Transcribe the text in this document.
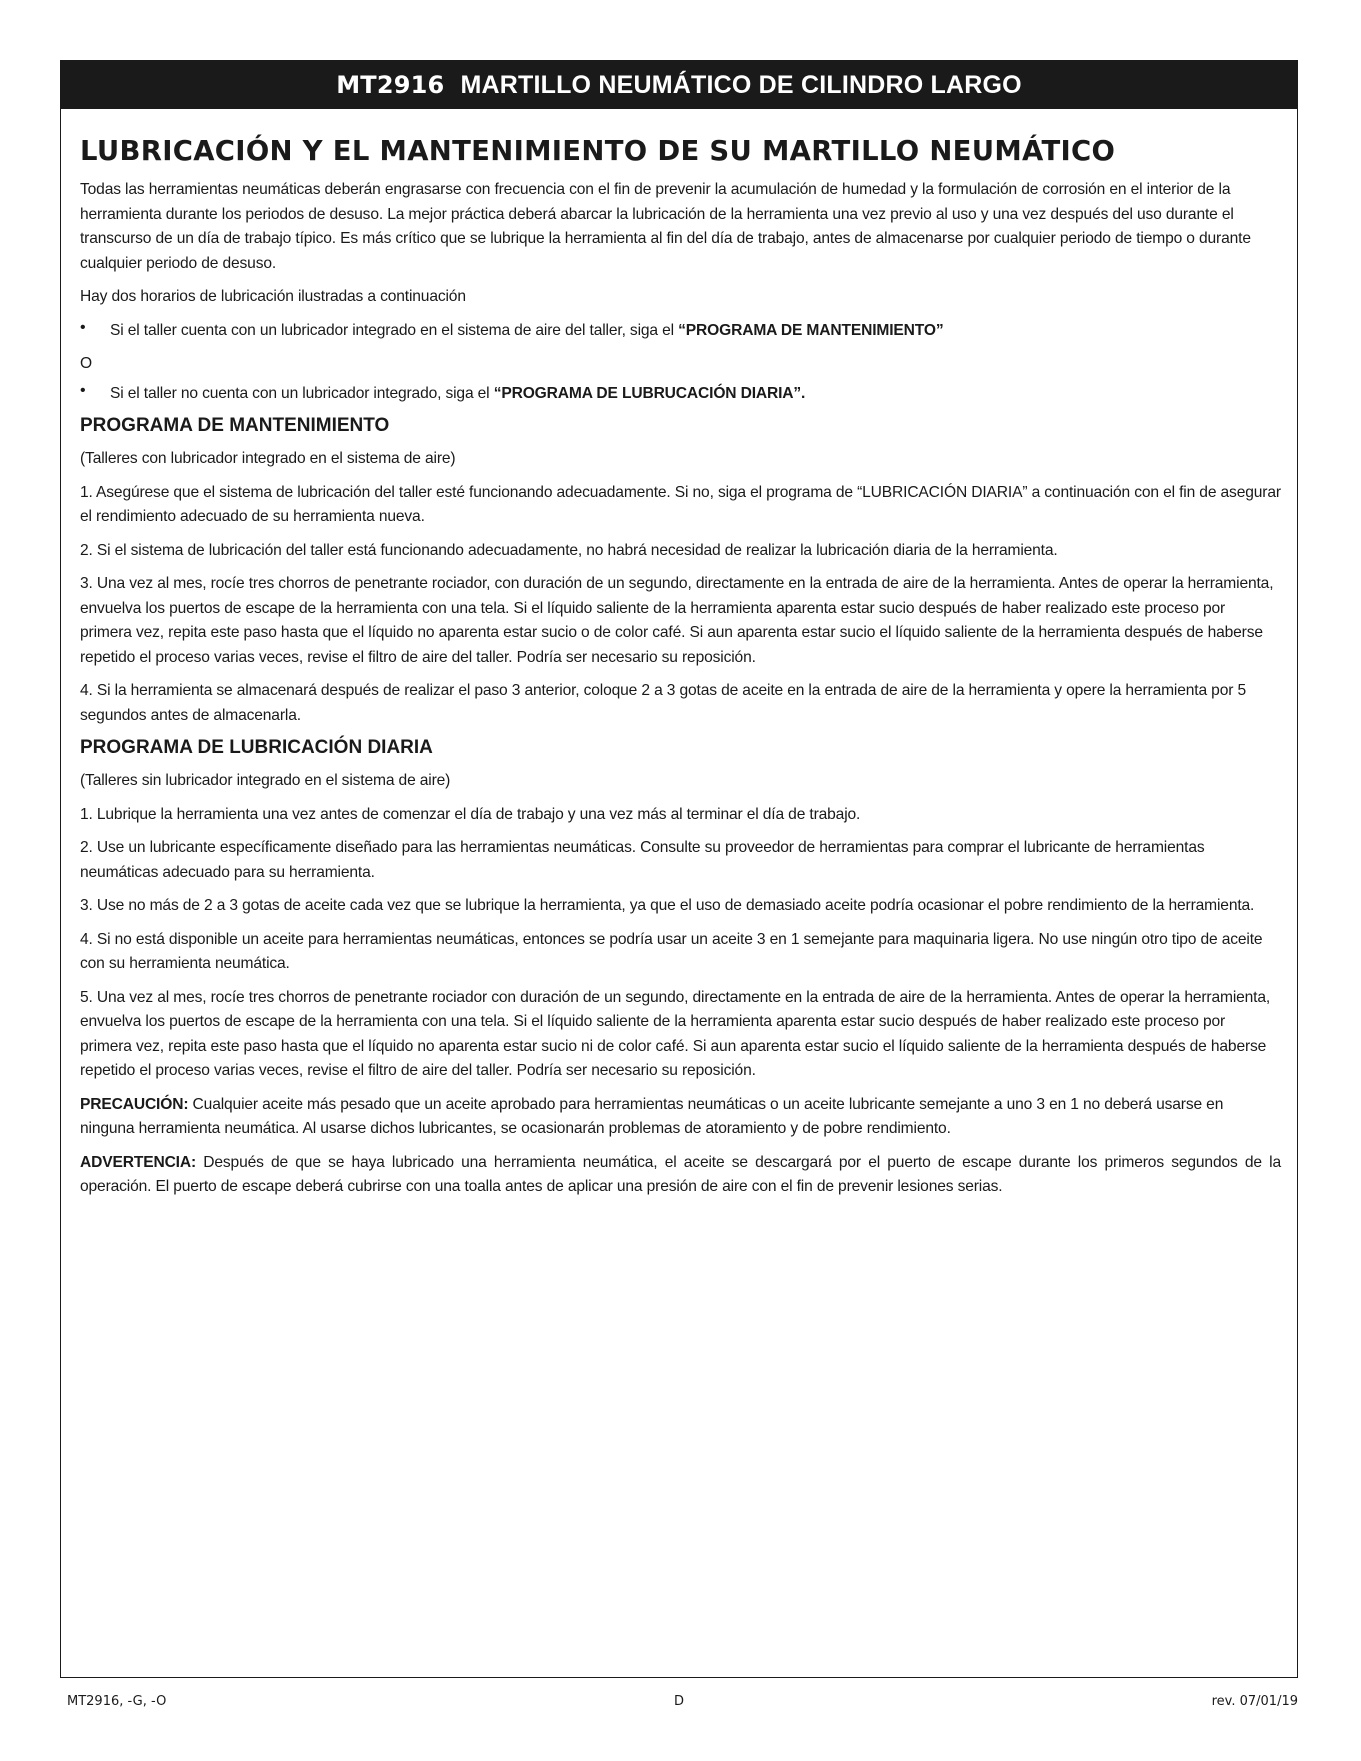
MT2916 MARTILLO NEUMÁTICO DE CILINDRO LARGO
LUBRICACIÓN Y EL MANTENIMIENTO DE SU MARTILLO NEUMÁTICO

Todas las herramientas neumáticas deberán engrasarse con frecuencia con el fin de prevenir la acumulación de humedad y la formulación de corrosión en el interior de la herramienta durante los periodos de desuso. La mejor práctica deberá abarcar la lubricación de la herramienta una vez previo al uso y una vez después del uso durante el transcurso de un día de trabajo típico. Es más crítico que se lubrique la herramienta al fin del día de trabajo, antes de almacenarse por cualquier periodo de tiempo o durante cualquier periodo de desuso.

Hay dos horarios de lubricación ilustradas a continuación

•	Si el taller cuenta con un lubricador integrado en el sistema de aire del taller, siga el “PROGRAMA DE MANTENIMIENTO”

O

•	Si el taller no cuenta con un lubricador integrado, siga el “PROGRAMA DE LUBRUCACIÓN DIARIA”.

PROGRAMA DE MANTENIMIENTO

(Talleres con lubricador integrado en el sistema de aire)

1. Asegúrese que el sistema de lubricación del taller esté funcionando adecuadamente. Si no, siga el programa de “LUBRICACIÓN DIARIA” a continuación con el fin de asegurar el rendimiento adecuado de su herramienta nueva.

2. Si el sistema de lubricación del taller está funcionando adecuadamente, no habrá necesidad de realizar la lubricación diaria de la herramienta.

3. Una vez al mes, rocíe tres chorros de penetrante rociador, con duración de un segundo, directamente en la entrada de aire de la herramienta. Antes de operar la herramienta, envuelva los puertos de escape de la herramienta con una tela. Si el líquido saliente de la herramienta aparenta estar sucio después de haber realizado este proceso por primera vez, repita este paso hasta que el líquido no aparenta estar sucio o de color café. Si aun aparenta estar sucio el líquido saliente de la herramienta después de haberse repetido el proceso varias veces, revise el filtro de aire del taller. Podría ser necesario su reposición.

4. Si la herramienta se almacenará después de realizar el paso 3 anterior, coloque 2 a 3 gotas de aceite en la entrada de aire de la herramienta y opere la herramienta por 5 segundos antes de almacenarla.

PROGRAMA DE LUBRICACIÓN DIARIA

(Talleres sin lubricador integrado en el sistema de aire)

1. Lubrique la herramienta una vez antes de comenzar el día de trabajo y una vez más al terminar el día de trabajo.

2. Use un lubricante específicamente diseñado para las herramientas neumáticas. Consulte su proveedor de herramientas para comprar el lubricante de herramientas neumáticas adecuado para su herramienta.

3. Use no más de 2 a 3 gotas de aceite cada vez que se lubrique la herramienta, ya que el uso de demasiado aceite podría ocasionar el pobre rendimiento de la herramienta.

4. Si no está disponible un aceite para herramientas neumáticas, entonces se podría usar un aceite 3 en 1 semejante para maquinaria ligera. No use ningún otro tipo de aceite con su herramienta neumática.

5. Una vez al mes, rocíe tres chorros de penetrante rociador con duración de un segundo, directamente en la entrada de aire de la herramienta. Antes de operar la herramienta, envuelva los puertos de escape de la herramienta con una tela. Si el líquido saliente de la herramienta aparenta estar sucio después de haber realizado este proceso por primera vez, repita este paso hasta que el líquido no aparenta estar sucio ni de color café. Si aun aparenta estar sucio el líquido saliente de la herramienta después de haberse repetido el proceso varias veces, revise el filtro de aire del taller. Podría ser necesario su reposición.

PRECAUCIÓN: Cualquier aceite más pesado que un aceite aprobado para herramientas neumáticas o un aceite lubricante semejante a uno 3 en 1 no deberá usarse en ninguna herramienta neumática. Al usarse dichos lubricantes, se ocasionarán problemas de atoramiento y de pobre rendimiento.

ADVERTENCIA: Después de que se haya lubricado una herramienta neumática, el aceite se descargará por el puerto de escape durante los primeros segundos de la operación. El puerto de escape deberá cubrirse con una toalla antes de aplicar una presión de aire con el fin de prevenir lesiones serias.

MT2916, -G, -O	D	rev. 07/01/19
